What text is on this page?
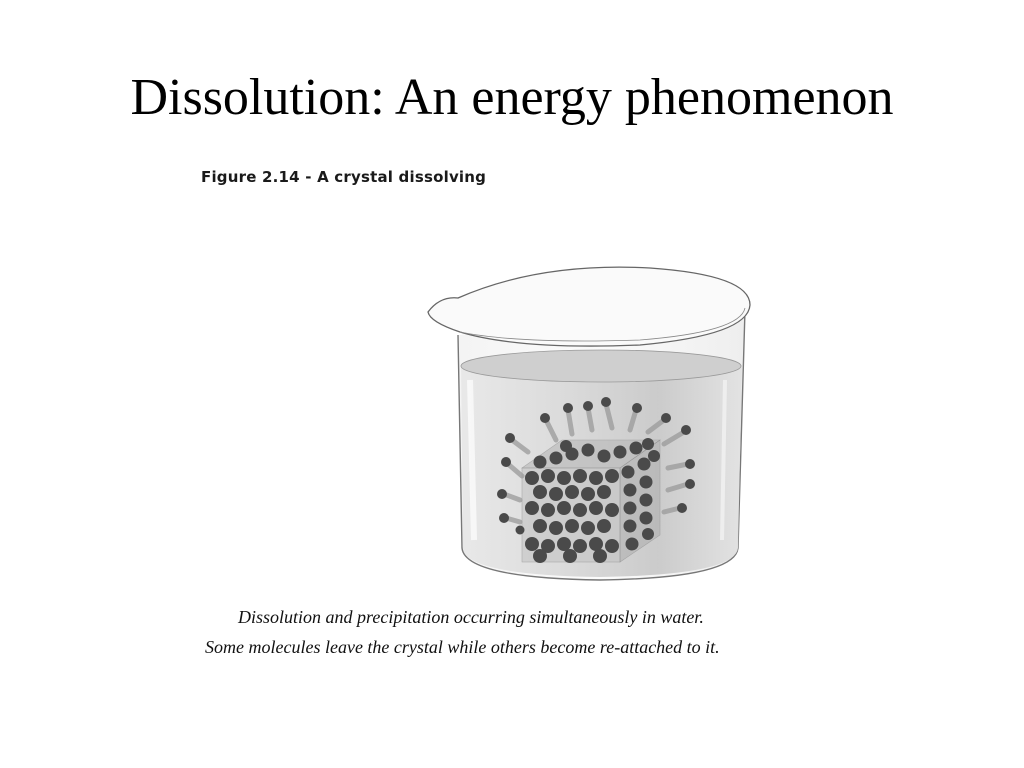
Dissolution: An energy phenomenon
Figure 2.14 - A crystal dissolving
Dissolution and precipitation occurring simultaneously in water.
Some molecules leave the crystal while others become re-attached to it.
